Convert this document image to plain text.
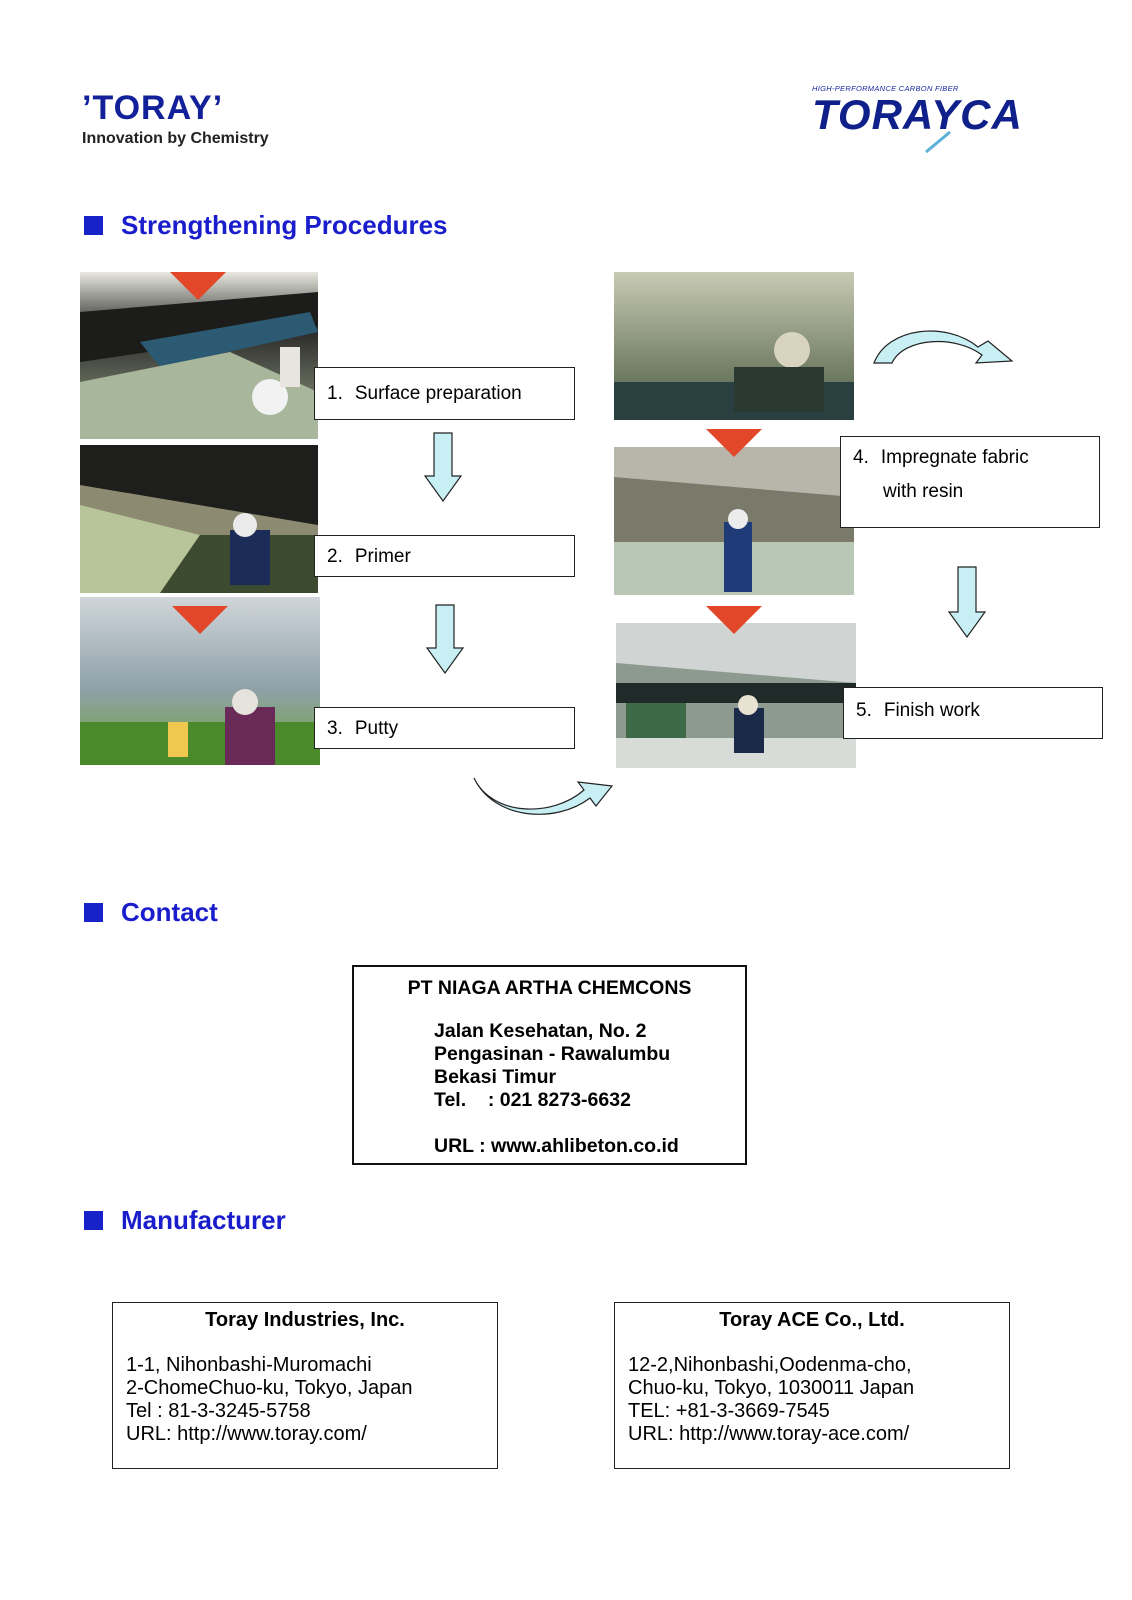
’TORAY’
Innovation by Chemistry
HIGH-PERFORMANCE CARBON FIBER
TORAYCA
Strengthening Procedures
1. Surface preparation
2. Primer
3. Putty
4. Impregnate fabric
with resin
5. Finish work
Contact
PT NIAGA ARTHA CHEMCONS
Jalan Kesehatan, No. 2
Pengasinan - Rawalumbu
Bekasi Timur
Tel.    : 021 8273-6632
URL : www.ahlibeton.co.id
Manufacturer
Toray Industries, Inc.
1-1, Nihonbashi-Muromachi
2-ChomeChuo-ku, Tokyo, Japan
Tel : 81-3-3245-5758
URL: http://www.toray.com/
Toray ACE Co., Ltd.
12-2,Nihonbashi,Oodenma-cho,
Chuo-ku, Tokyo, 1030011 Japan
TEL: +81-3-3669-7545
URL: http://www.toray-ace.com/
